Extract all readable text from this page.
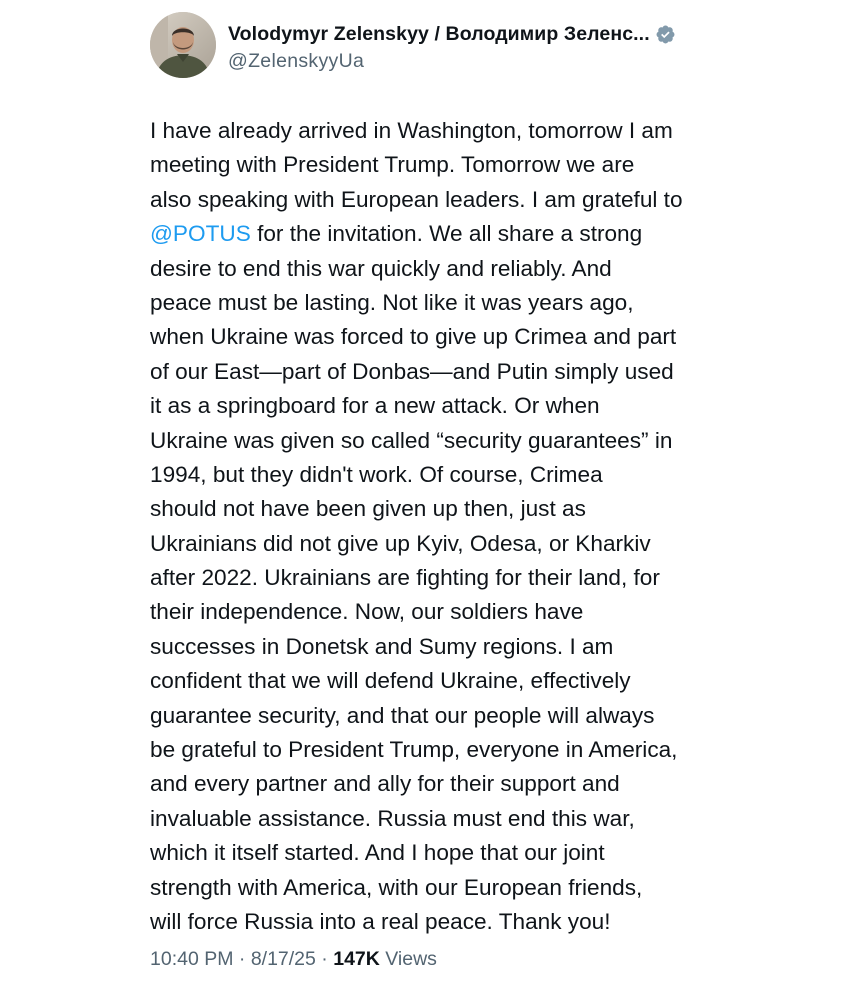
Volodymyr Zelenskyy / Володимир Зеленс...
@ZelenskyyUa
I have already arrived in Washington, tomorrow I am
meeting with President Trump. Tomorrow we are
also speaking with European leaders. I am grateful to
@POTUS for the invitation. We all share a strong
desire to end this war quickly and reliably. And
peace must be lasting. Not like it was years ago,
when Ukraine was forced to give up Crimea and part
of our East—part of Donbas—and Putin simply used
it as a springboard for a new attack. Or when
Ukraine was given so called “security guarantees” in
1994, but they didn't work. Of course, Crimea
should not have been given up then, just as
Ukrainians did not give up Kyiv, Odesa, or Kharkiv
after 2022. Ukrainians are fighting for their land, for
their independence. Now, our soldiers have
successes in Donetsk and Sumy regions. I am
confident that we will defend Ukraine, effectively
guarantee security, and that our people will always
be grateful to President Trump, everyone in America,
and every partner and ally for their support and
invaluable assistance. Russia must end this war,
which it itself started. And I hope that our joint
strength with America, with our European friends,
will force Russia into a real peace. Thank you!
10:40 PM · 8/17/25 · 147K Views
